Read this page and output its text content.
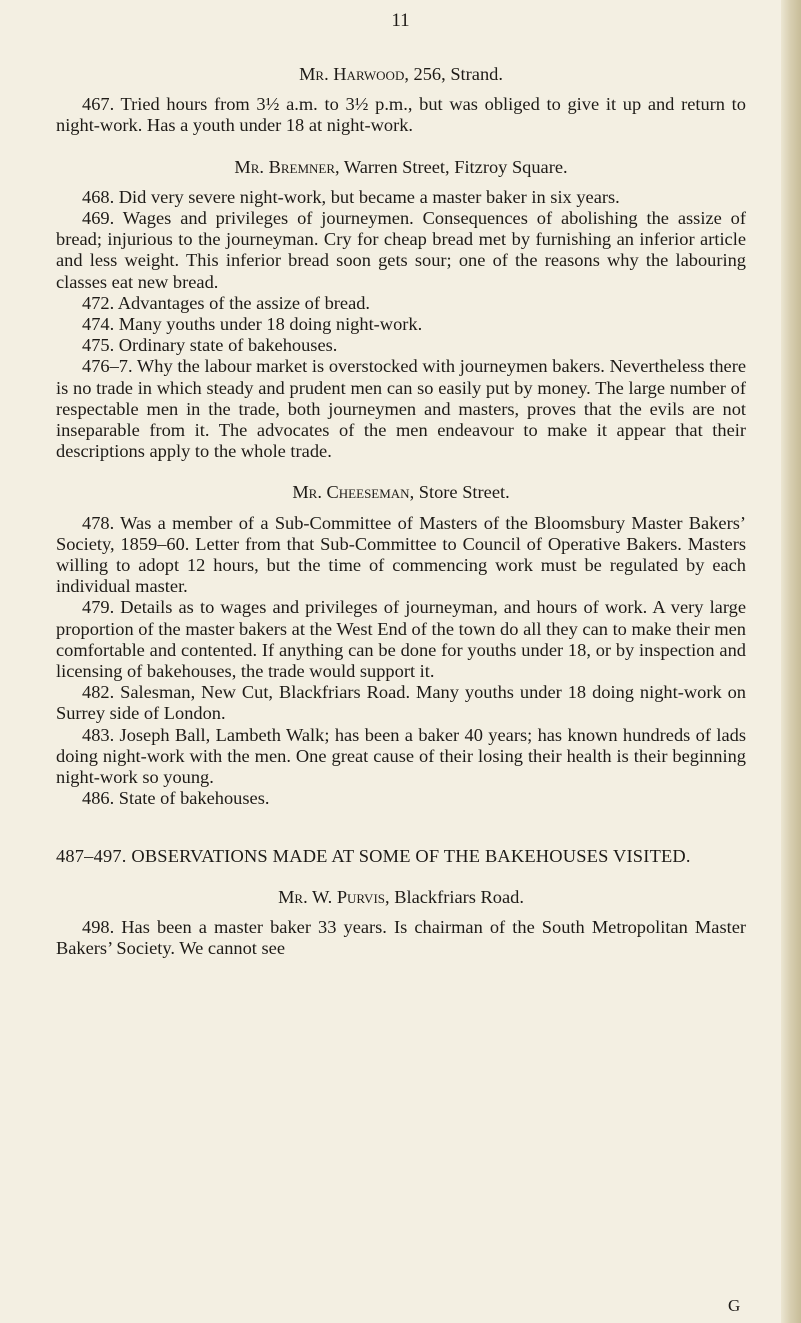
11

Mr. Harwood, 256, Strand.

467. Tried hours from 3½ a.m. to 3½ p.m., but was obliged to give it up and return to night-work. Has a youth under 18 at night-work.

Mr. Bremner, Warren Street, Fitzroy Square.

468. Did very severe night-work, but became a master baker in six years.

469. Wages and privileges of journeymen. Consequences of abolishing the assize of bread; injurious to the journeyman. Cry for cheap bread met by furnishing an inferior article and less weight. This inferior bread soon gets sour; one of the reasons why the labouring classes eat new bread.

472. Advantages of the assize of bread.

474. Many youths under 18 doing night-work.

475. Ordinary state of bakehouses.

476–7. Why the labour market is overstocked with journeymen bakers. Nevertheless there is no trade in which steady and prudent men can so easily put by money. The large number of respectable men in the trade, both journeymen and masters, proves that the evils are not inseparable from it. The advocates of the men endeavour to make it appear that their descriptions apply to the whole trade.

Mr. Cheeseman, Store Street.

478. Was a member of a Sub-Committee of Masters of the Bloomsbury Master Bakers’ Society, 1859–60. Letter from that Sub-Committee to Council of Operative Bakers. Masters willing to adopt 12 hours, but the time of commencing work must be regulated by each individual master.

479. Details as to wages and privileges of journeyman, and hours of work. A very large proportion of the master bakers at the West End of the town do all they can to make their men comfortable and contented. If anything can be done for youths under 18, or by inspection and licensing of bakehouses, the trade would support it.

482. Salesman, New Cut, Blackfriars Road. Many youths under 18 doing night-work on Surrey side of London.

483. Joseph Ball, Lambeth Walk; has been a baker 40 years; has known hundreds of lads doing night-work with the men. One great cause of their losing their health is their beginning night-work so young.

486. State of bakehouses.

487–497. OBSERVATIONS MADE AT SOME OF THE BAKEHOUSES VISITED.

Mr. W. Purvis, Blackfriars Road.

498. Has been a master baker 33 years. Is chairman of the South Metropolitan Master Bakers’ Society. We cannot see

G
